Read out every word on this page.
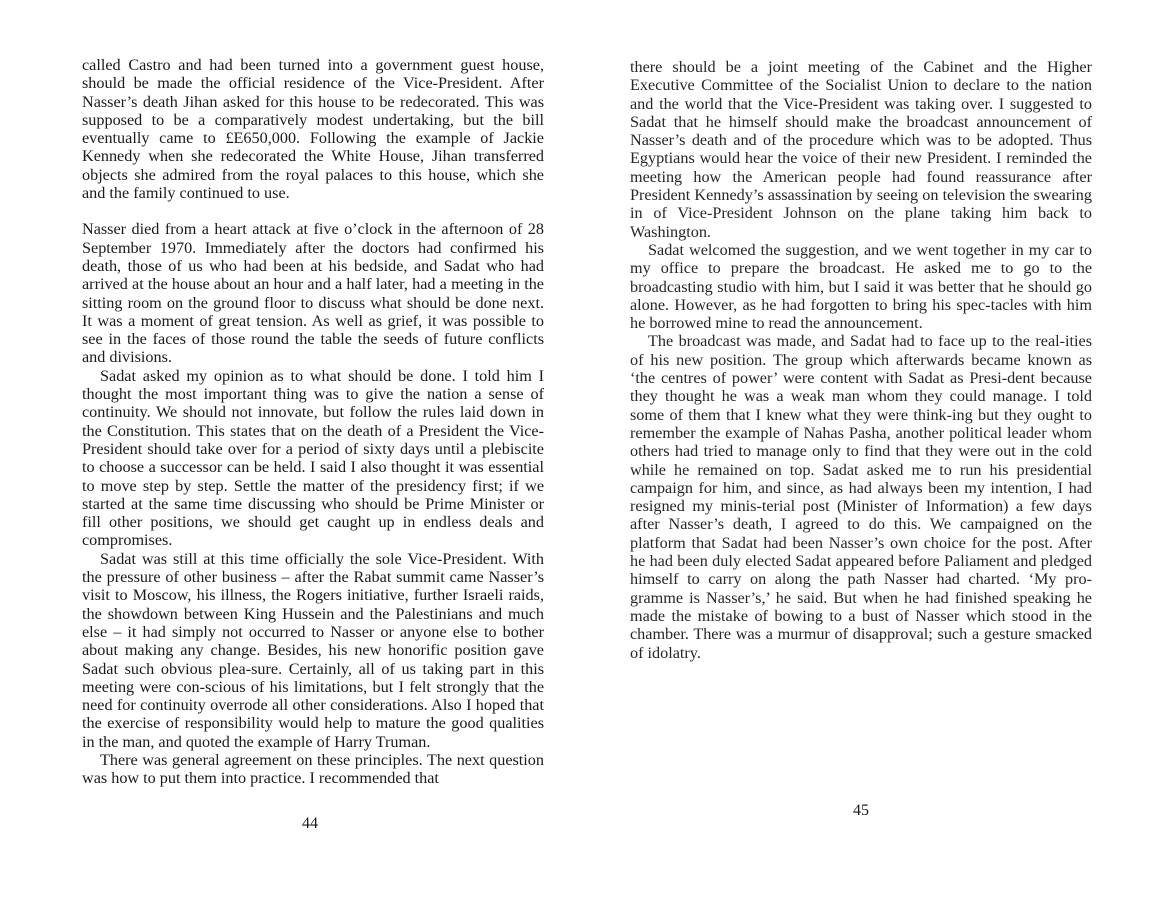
called Castro and had been turned into a government guest house, should be made the official residence of the Vice-President. After Nasser’s death Jihan asked for this house to be redecorated. This was supposed to be a comparatively modest undertaking, but the bill eventually came to £E650,000. Following the example of Jackie Kennedy when she redecorated the White House, Jihan transferred objects she admired from the royal palaces to this house, which she and the family continued to use.

Nasser died from a heart attack at five o’clock in the afternoon of 28 September 1970. Immediately after the doctors had confirmed his death, those of us who had been at his bedside, and Sadat who had arrived at the house about an hour and a half later, had a meeting in the sitting room on the ground floor to discuss what should be done next. It was a moment of great tension. As well as grief, it was possible to see in the faces of those round the table the seeds of future conflicts and divisions.

Sadat asked my opinion as to what should be done. I told him I thought the most important thing was to give the nation a sense of continuity. We should not innovate, but follow the rules laid down in the Constitution. This states that on the death of a President the Vice-President should take over for a period of sixty days until a plebiscite to choose a successor can be held. I said I also thought it was essential to move step by step. Settle the matter of the presidency first; if we started at the same time discussing who should be Prime Minister or fill other positions, we should get caught up in endless deals and compromises.

Sadat was still at this time officially the sole Vice-President. With the pressure of other business – after the Rabat summit came Nasser’s visit to Moscow, his illness, the Rogers initiative, further Israeli raids, the showdown between King Hussein and the Palestinians and much else – it had simply not occurred to Nasser or anyone else to bother about making any change. Besides, his new honorific position gave Sadat such obvious plea-sure. Certainly, all of us taking part in this meeting were con-scious of his limitations, but I felt strongly that the need for continuity overrode all other considerations. Also I hoped that the exercise of responsibility would help to mature the good qualities in the man, and quoted the example of Harry Truman.

There was general agreement on these principles. The next question was how to put them into practice. I recommended that

44

there should be a joint meeting of the Cabinet and the Higher Executive Committee of the Socialist Union to declare to the nation and the world that the Vice-President was taking over. I suggested to Sadat that he himself should make the broadcast announcement of Nasser’s death and of the procedure which was to be adopted. Thus Egyptians would hear the voice of their new President. I reminded the meeting how the American people had found reassurance after President Kennedy’s assassination by seeing on television the swearing in of Vice-President Johnson on the plane taking him back to Washington.

Sadat welcomed the suggestion, and we went together in my car to my office to prepare the broadcast. He asked me to go to the broadcasting studio with him, but I said it was better that he should go alone. However, as he had forgotten to bring his spec-tacles with him he borrowed mine to read the announcement.

The broadcast was made, and Sadat had to face up to the real-ities of his new position. The group which afterwards became known as ‘the centres of power’ were content with Sadat as Presi-dent because they thought he was a weak man whom they could manage. I told some of them that I knew what they were think-ing but they ought to remember the example of Nahas Pasha, another political leader whom others had tried to manage only to find that they were out in the cold while he remained on top. Sadat asked me to run his presidential campaign for him, and since, as had always been my intention, I had resigned my minis-terial post (Minister of Information) a few days after Nasser’s death, I agreed to do this. We campaigned on the platform that Sadat had been Nasser’s own choice for the post. After he had been duly elected Sadat appeared before Paliament and pledged himself to carry on along the path Nasser had charted. ‘My pro-gramme is Nasser’s,’ he said. But when he had finished speaking he made the mistake of bowing to a bust of Nasser which stood in the chamber. There was a murmur of disapproval; such a gesture smacked of idolatry.

45
